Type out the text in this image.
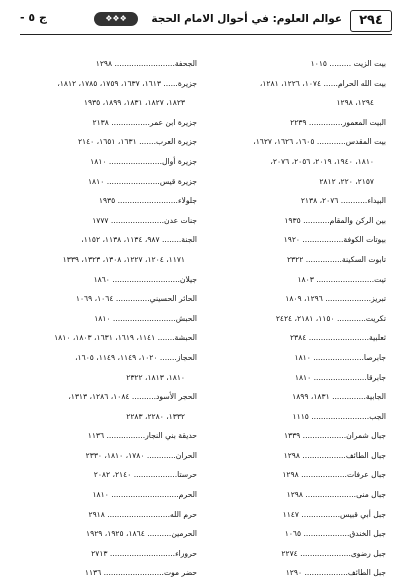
٢٩٤
عوالم العلوم: في أحوال الامام الحجة
❖❖❖
ج ٥ -
بيت الزيت ......... ١٠١٥
بيت الله الحرام...... ١٠٧٤، ١٢٢٦، ١٢٨١،
١٢٩٤، ١٢٩٨
البيت المعمور.............. ٢٢٣٩
بيت المقدس............ ١٦٠٥، ١٦٢٦، ١٦٢٧،
١٨١٠، ١٩٤٠، ٢٠١٩، ٢٠٥٦، ٢٠٧٦،
٢١٥٧، ٢٢٠، ٢٨١٢
البيداء........... ٢٠٧٦، ٢١٣٨
بين الركن والمقام........... ١٩٣٥
بيوتات الكوفة................. ١٩٢٠
تابوت السكينة............... ٢٣٢٢
تيت........................ ١٨٠٣
تبريز................... ١٢٩٦، ١٨٠٩
تكريت............ ١١٥٠، ٢١٨١، ٢٤٢٤
ثعلبية......................... ٢٣٨٤
جابرصا..................... ١٨١٠
جابرقا...................... ١٨١٠
الجابية.............. ١٨٣١، ١٨٩٩
الجب........................ ١١١٥
جبال شمران.................. ١٣٣٩
جبال الطائف.................. ١٢٩٨
جبال عرفات................... ١٢٩٨
جبال منى..................... ١٢٩٨
جبل أبي قبيس................ ١١٤٧
جبل الخندق................... ١٠٦٥
جبل رضوى..................... ٢٢٧٤
جبل الطائف.................. ١٢٩٠
الجحفة......................... ١٢٩٨
جزيرة...... ١٦١٣، ١٦٣٧، ١٧٥٩، ١٧٨٥، ١٨١٢،
١٨٢٣، ١٨٢٧، ١٨٣١، ١٨٩٩، ١٩٣٥
جزيرة ابن عمر................ ٢١٣٨
جزيرة العرب....... ١٦٣١، ١٦٥١، ٢١٤٠
جزيرة أوال...................... ١٨١٠
جزيرة قيس...................... ١٨١٠
جلولاء......................... ١٩٣٥
جنات عدن...................... ١٧٧٧
الجنة........ ٩٨٧، ١١٣٤، ١١٣٨، ١١٥٢،
١١٧١، ١٢٠٤، ١٢٢٧، ١٣٠٨، ١٣٢٣، ١٣٣٩
جيلان............................ ١٨٦٠
الحائر الحسيني.............. ١٠٦٤، ١٠٦٩
الحبش.......................... ١٨١٠
الحبشة....... ١١٤١، ١٦١٩، ١٦٣١، ١٨٠٣، ١٨١٠
الحجاز....... ١٠٢٠، ١١٤٩، ١١٤٩، ١٦٠٥،
١٨١٠، ١٨١٣، ٢٣٢٢
الحجر الأسود.......... ١٠٨٤، ١٢٨٦، ١٣١٣،
١٣٣٢، ٢٢٨٠، ٢٢٨٣
حديقة بني النجار................ ١١٣٦
الحران............ ١٧٨٠، ١٨١٠، ٢٣٣٠
حرستا.................. ٢١٤٠، ٢٠٨٢
الحرم............................ ١٨١٠
حرم الله.......................... ٢٩١٨
الحرمين.......... ١٨٦٤، ١٩٢٥، ١٩٢٩
حروراء........................... ٢٧١٣
حضر موت......................... ١١٣٦
